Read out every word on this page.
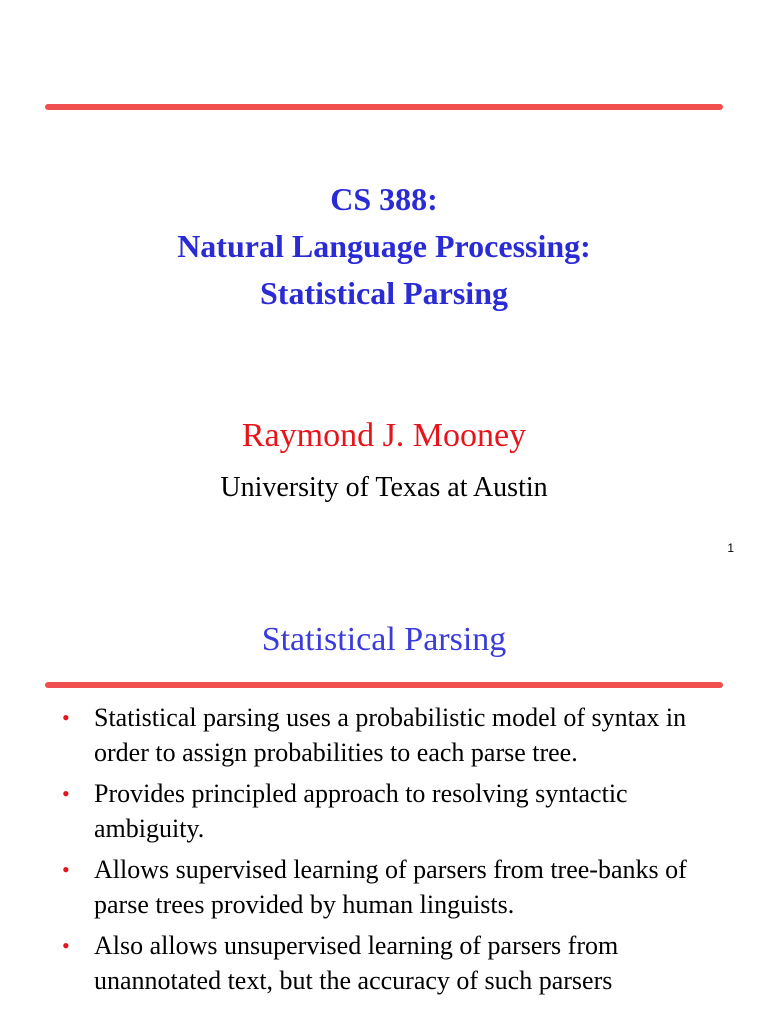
CS 388:
Natural Language Processing:
Statistical Parsing
Raymond J. Mooney
University of Texas at Austin
1
Statistical Parsing
• Statistical parsing uses a probabilistic model of syntax in order to assign probabilities to each parse tree.
• Provides principled approach to resolving syntactic ambiguity.
• Allows supervised learning of parsers from tree-banks of parse trees provided by human linguists.
• Also allows unsupervised learning of parsers from unannotated text, but the accuracy of such parsers
